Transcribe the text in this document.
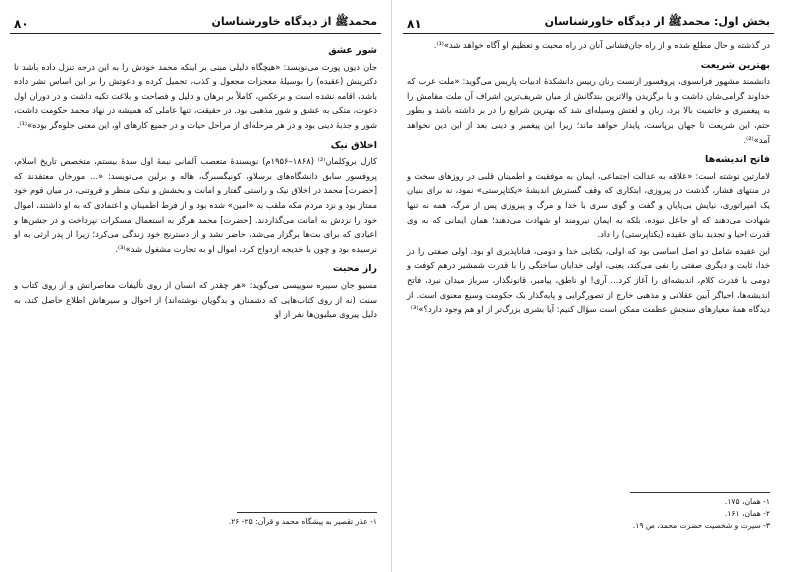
محمدﷺ از دیدگاه خاورشناسان
۸۰
شور عشق

جان دیون پورت می‌نویسد: «هیچگاه دلیلی مبنی بر اینکه محمد خودش را به این درجه تنزل داده باشد تا دکترینش (عقیده) را بوسیلهٔ معجزات مجعول و کذب، تحمیل کرده و دعوتش را بر این اساس نشر داده باشد، اقامه نشده است و برعکس، کاملاً بر برهان و دلیل و فصاحت و بلاغت تکیه داشت و در دوران اول دعوت، متکی به عشق و شور مذهبی بود. در حقیقت، تنها عاملی که همیشه در نهاد محمد حکومت داشت، شور و جذبهٔ دینی بود و در هر مرحله‌ای از مراحل حیات و در جمیع کارهای او، این معنی جلوه‌گر بوده»⁽¹⁾.

اخلاق نیک

کارل بروکلمان⁽²⁾ (۱۸۶۸–۱۹۵۶م) نویسندهٔ متعصب آلمانی نیمهٔ اول سدهٔ بیستم، متخصص تاریخ اسلام، پروفسور سابق دانشگاه‌های برسلاو، کونیگسبرگ، هاله و برلین می‌نویسد: «... مورخان معتقدند که [حضرت] محمد در اخلاق نیک و راستی گفتار و امانت و بخشش و نیکی منظر و فروتنی، در میان قوم خود ممتاز بود و نزد مردم مکه ملقب به «امین» شده بود و از فرط اطمینان و اعتمادی که به او داشتند، اموال خود را نزدش به امانت می‌گذاردند. [حضرت] محمد هرگز به استعمال مسکرات نپرداخت و در جشن‌ها و اعیادی که برای بت‌ها برگزار می‌شد، حاضر نشد و از دسترنج خود زندگی می‌کرد؛ زیرا از پدر ارثی به او نرسیده بود و چون با خدیجه ازدواج کرد، اموال او به تجارت مشغول شد»⁽³⁾.

راز محبت

مسیو جان سیبره سوییسی می‌گوید: «هر چقدر که انسان از روی تألیفات معاصرانش و از روی کتاب و سنت (نه از روی کتاب‌هایی که دشمنان و بدگویان نوشته‌اند) از احوال و سیرهاش اطلاع حاصل کند، به دلیل پیروی میلیون‌ها نفر از او

۱- عذر تقصیر به پیشگاه محمد و قرآن: ۲۵- ۲۶.
بخش اول: محمدﷺ از دیدگاه خاورشناسان
۸۱

در گذشته و حال مطلع شده و از راه جان‌فشانی آنان در راه محبت و تعظیم او آگاه خواهد شد»⁽¹⁾.

بهترین شریعت

دانشمند مشهور فرانسوی، پروفسور ارنست رنان رییس دانشکدهٔ ادبیات پاریس می‌گوید: «ملت عرب که خداوند گرامی‌شان داشت و با برگزیدن والاترین بندگانش از میان شریف‌ترین اشراف آن ملت مقامش را به پیغمبری و خاتمیت بالا برد، زبان و لغتش وسیله‌ای شد که بهترین شرایع را در بر داشته باشد و بطور حتم، این شریعت تا جهان برپاست، پایدار خواهد ماند؛ زیرا این پیغمبر و دینی بعد از این دین نخواهد آمد»⁽²⁾.

فاتح اندیشه‌ها

لامارتین نوشته است: «علاقه به عدالت اجتماعی، ایمان به موفقیت و اطمینان قلبی در روزهای سخت و در منتهای فشار، گذشت در پیروزی، ابتکاری که وقف گسترش اندیشهٔ «یکتاپرستی» نمود، نه برای بنیان یک امپراتوری، نیایش بی‌پایان و گفت و گوی سری با خدا و مرگ و پیروزی پس از مرگ، همه نه تنها شهادت می‌دهند که او جاعل نبوده، بلکه به ایمان نیرومند او شهادت می‌دهند؛ همان ایمانی که به وی قدرت احیا و تجدید بنای عقیده (یکتاپرستی) را داد.

این عقیده شامل دو اصل اساسی بود که اولی، یکتایی خدا و دومی، فناناپذیری او بود. اولی صفتی را در خدا، ثابت و دیگری صفتی را نفی می‌کند، یعنی، اولی خدایان ساختگی را با قدرت شمشیر درهم کوفت و دومی با قدرت کلام، اندیشه‌ای را آغاز کرد... آری! او ناطق، پیامبر، قانونگذار، سرباز میدان نبرد، فاتح اندیشه‌ها، احیاگر آیین عقلانی و مذهبی خارج از تصورگرایی و پایه‌گذار یک حکومت وسیع معنوی است. از دیدگاه همهٔ معیارهای سنجش عظمت ممکن است سؤال کنیم: آیا بشری بزرگ‌تر از او هم وجود دارد؟»⁽³⁾

۱- همان، ۱۷۵.
۲- همان، ۱۶۱.
۳- سیرت و شخصیت حضرت محمد، ص ۱۹.
